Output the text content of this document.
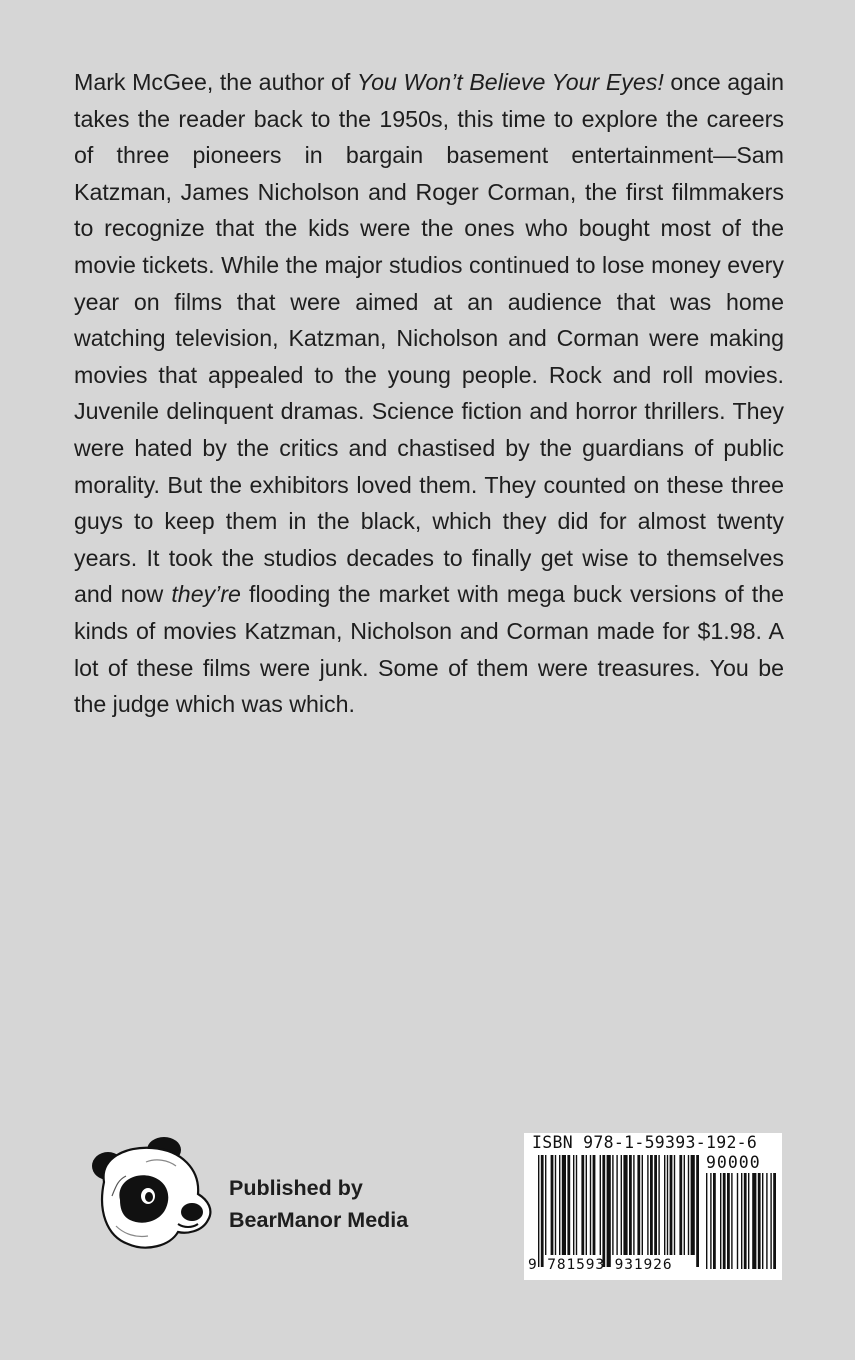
Mark McGee, the author of You Won’t Believe Your Eyes! once again takes the reader back to the 1950s, this time to explore the careers of three pioneers in bargain basement entertainment—Sam Katzman, James Nicholson and Roger Corman, the first filmmakers to recognize that the kids were the ones who bought most of the movie tickets. While the major studios continued to lose money every year on films that were aimed at an audience that was home watching television, Katzman, Nicholson and Corman were making movies that appealed to the young people. Rock and roll movies. Juvenile delinquent dramas. Science fiction and horror thrillers. They were hated by the critics and chastised by the guardians of public morality. But the exhibitors loved them. They counted on these three guys to keep them in the black, which they did for almost twenty years. It took the studios decades to finally get wise to themselves and now they’re flooding the market with mega buck versions of the kinds of movies Katzman, Nicholson and Corman made for $1.98. A lot of these films were junk. Some of them were treasures. You be the judge which was which.

Published by
BearManor Media
ISBN 978-1-59393-192-6
90000
9 781593 931926
